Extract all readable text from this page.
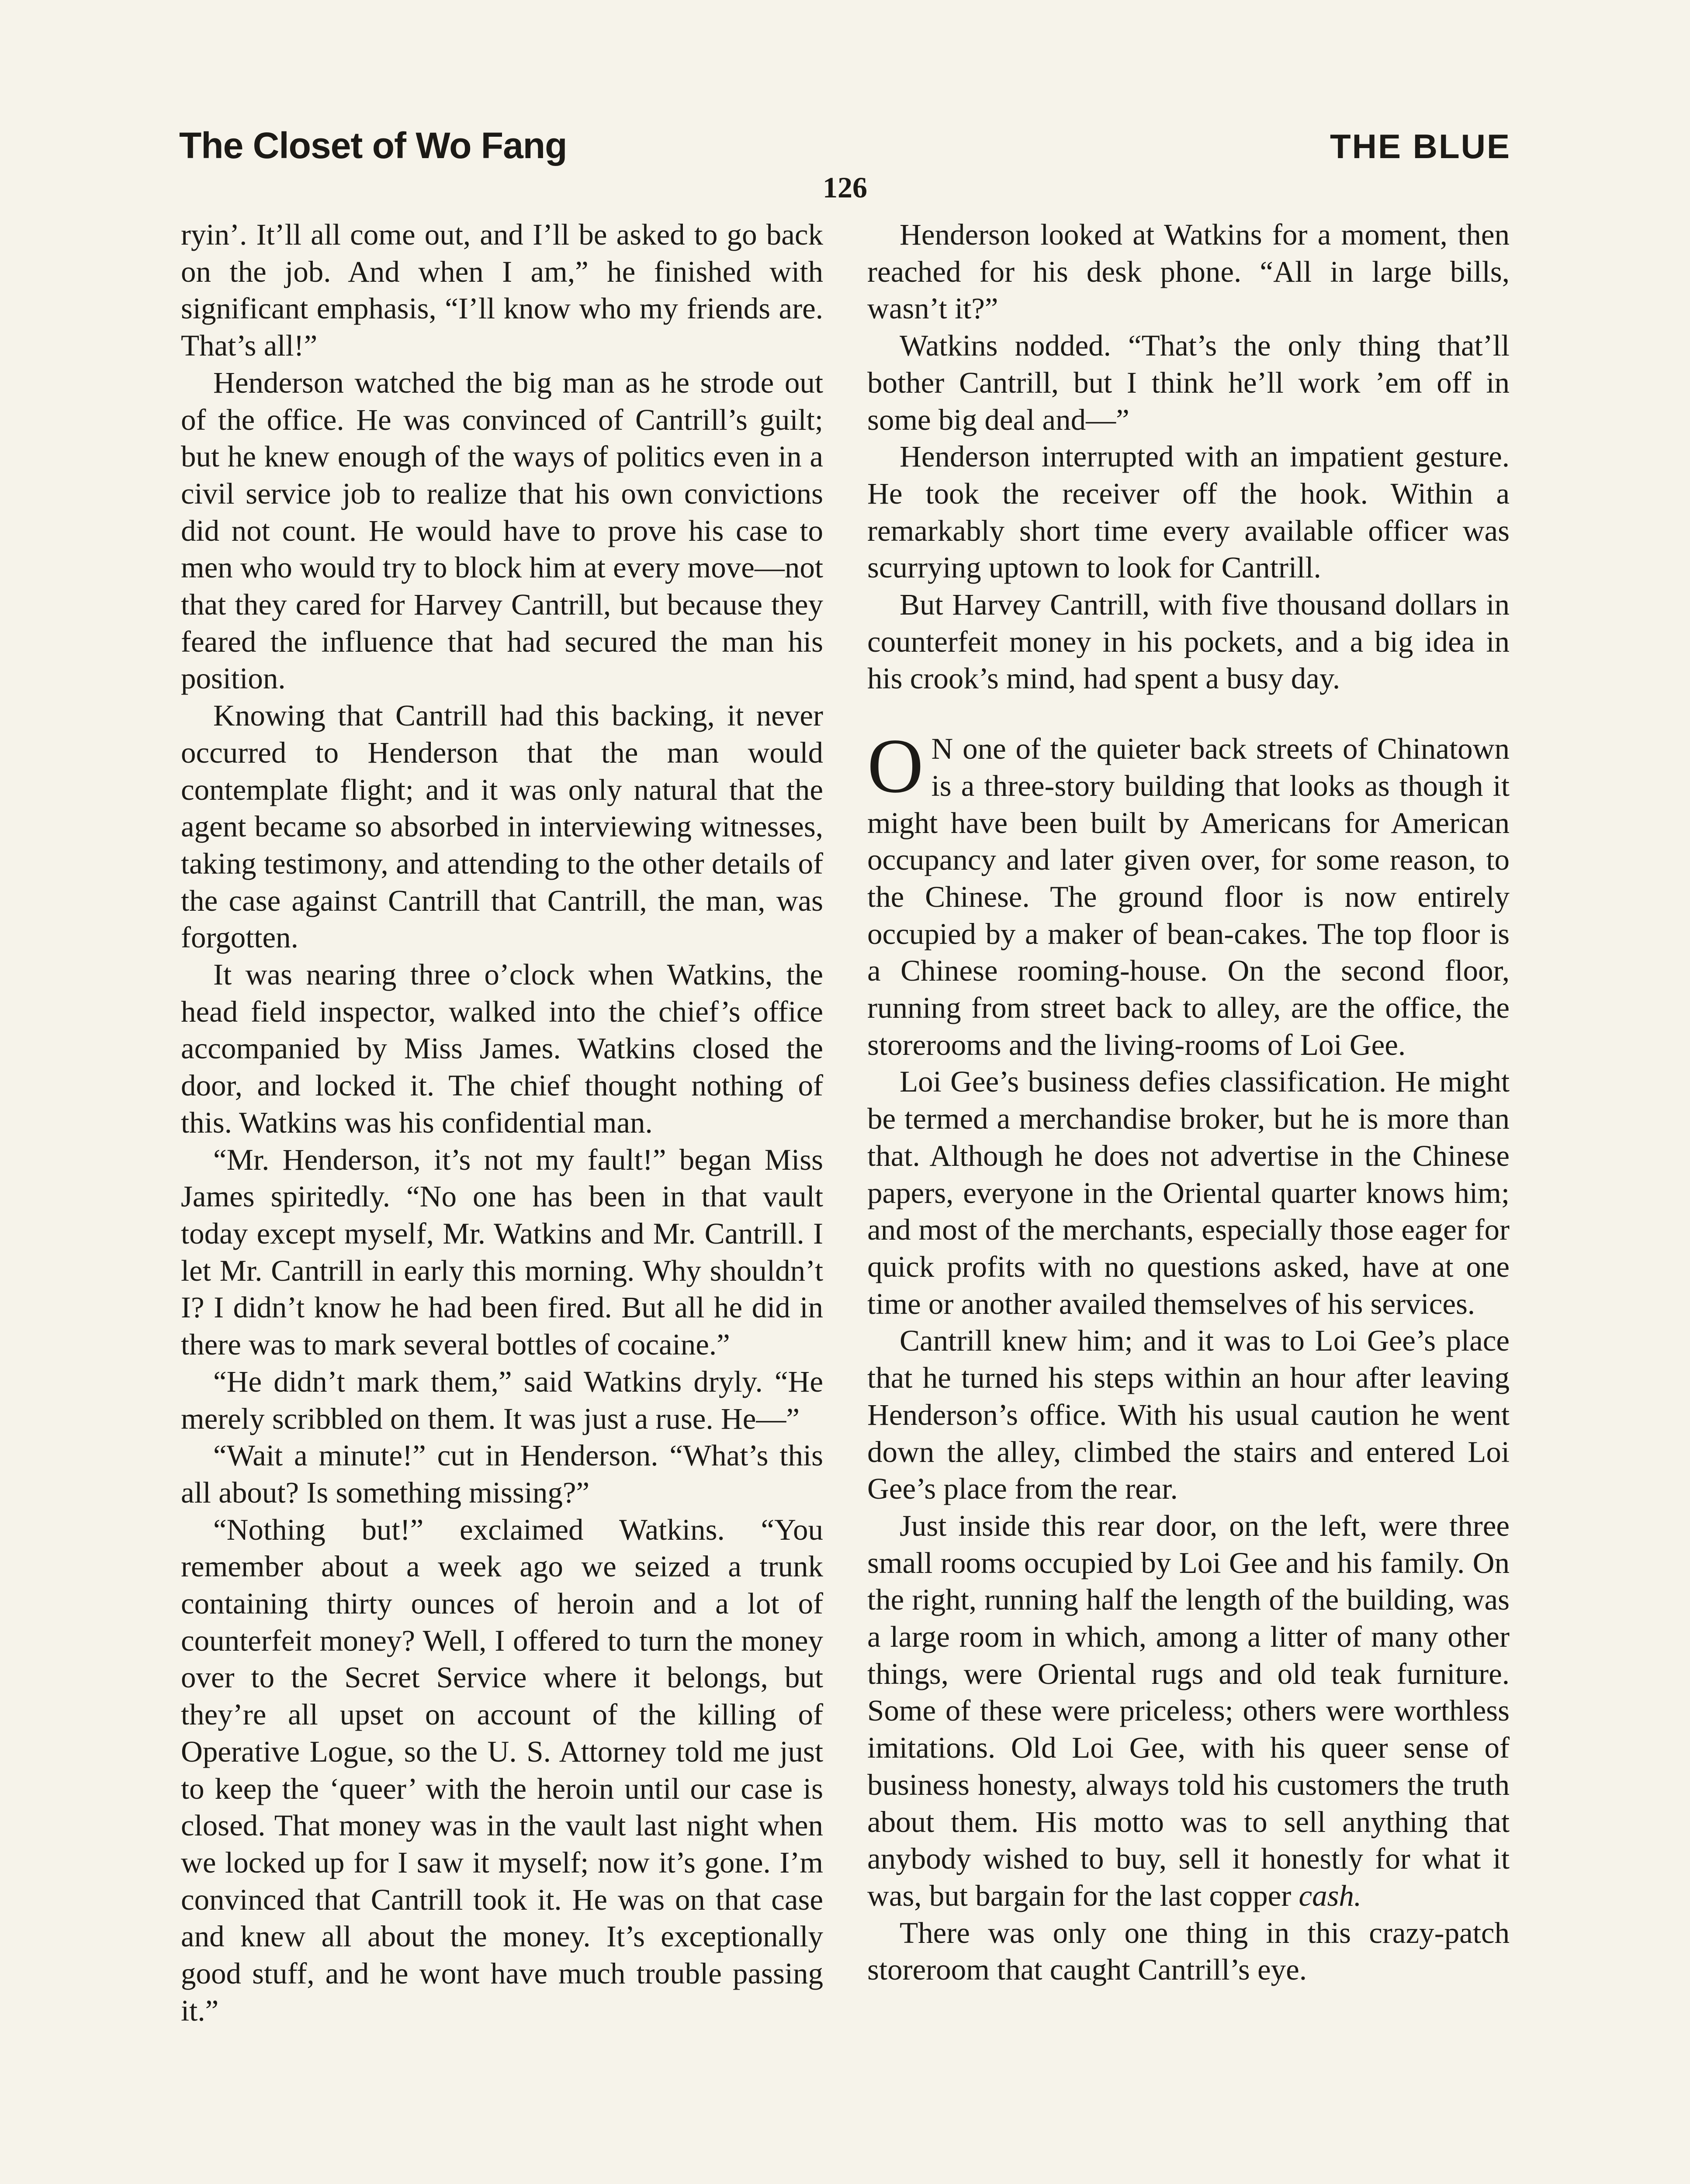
The Closet of Wo Fang	THE BLUE
126

ryin’. It’ll all come out, and I’ll be asked to go back on the job. And when I am,” he finished with significant emphasis, “I’ll know who my friends are. That’s all!”

Henderson watched the big man as he strode out of the office. He was convinced of Cantrill’s guilt; but he knew enough of the ways of politics even in a civil service job to realize that his own convictions did not count. He would have to prove his case to men who would try to block him at every move—not that they cared for Harvey Cantrill, but because they feared the influence that had secured the man his position.

Knowing that Cantrill had this backing, it never occurred to Henderson that the man would contemplate flight; and it was only natural that the agent became so absorbed in interviewing witnesses, taking testimony, and attending to the other details of the case against Cantrill that Cantrill, the man, was forgotten.

It was nearing three o’clock when Watkins, the head field inspector, walked into the chief’s office accompanied by Miss James. Watkins closed the door, and locked it. The chief thought nothing of this. Watkins was his confidential man.

“Mr. Henderson, it’s not my fault!” began Miss James spiritedly. “No one has been in that vault today except myself, Mr. Watkins and Mr. Cantrill. I let Mr. Cantrill in early this morning. Why shouldn’t I? I didn’t know he had been fired. But all he did in there was to mark several bottles of cocaine.”

“He didn’t mark them,” said Watkins dryly. “He merely scribbled on them. It was just a ruse. He—”

“Wait a minute!” cut in Henderson. “What’s this all about? Is something missing?”

“Nothing but!” exclaimed Watkins. “You remember about a week ago we seized a trunk containing thirty ounces of heroin and a lot of counterfeit money? Well, I offered to turn the money over to the Secret Service where it belongs, but they’re all upset on account of the killing of Operative Logue, so the U. S. Attorney told me just to keep the ‘queer’ with the heroin until our case is closed. That money was in the vault last night when we locked up for I saw it myself; now it’s gone. I’m convinced that Cantrill took it. He was on that case and knew all about the money. It’s exceptionally good stuff, and he wont have much trouble passing it.”

Henderson looked at Watkins for a moment, then reached for his desk phone. “All in large bills, wasn’t it?”

Watkins nodded. “That’s the only thing that’ll bother Cantrill, but I think he’ll work ’em off in some big deal and—”

Henderson interrupted with an impatient gesture. He took the receiver off the hook. Within a remarkably short time every available officer was scurrying uptown to look for Cantrill.

But Harvey Cantrill, with five thousand dollars in counterfeit money in his pockets, and a big idea in his crook’s mind, had spent a busy day.

O N one of the quieter back streets of Chinatown is a three-story building that looks as though it might have been built by Americans for American occupancy and later given over, for some reason, to the Chinese. The ground floor is now entirely occupied by a maker of bean-cakes. The top floor is a Chinese rooming-house. On the second floor, running from street back to alley, are the office, the storerooms and the living-rooms of Loi Gee.

Loi Gee’s business defies classification. He might be termed a merchandise broker, but he is more than that. Although he does not advertise in the Chinese papers, everyone in the Oriental quarter knows him; and most of the merchants, especially those eager for quick profits with no questions asked, have at one time or another availed themselves of his services.

Cantrill knew him; and it was to Loi Gee’s place that he turned his steps within an hour after leaving Henderson’s office. With his usual caution he went down the alley, climbed the stairs and entered Loi Gee’s place from the rear.

Just inside this rear door, on the left, were three small rooms occupied by Loi Gee and his family. On the right, running half the length of the building, was a large room in which, among a litter of many other things, were Oriental rugs and old teak furniture. Some of these were priceless; others were worthless imitations. Old Loi Gee, with his queer sense of business honesty, always told his customers the truth about them. His motto was to sell anything that anybody wished to buy, sell it honestly for what it was, but bargain for the last copper cash.

There was only one thing in this crazy-patch storeroom that caught Cantrill’s eye.
